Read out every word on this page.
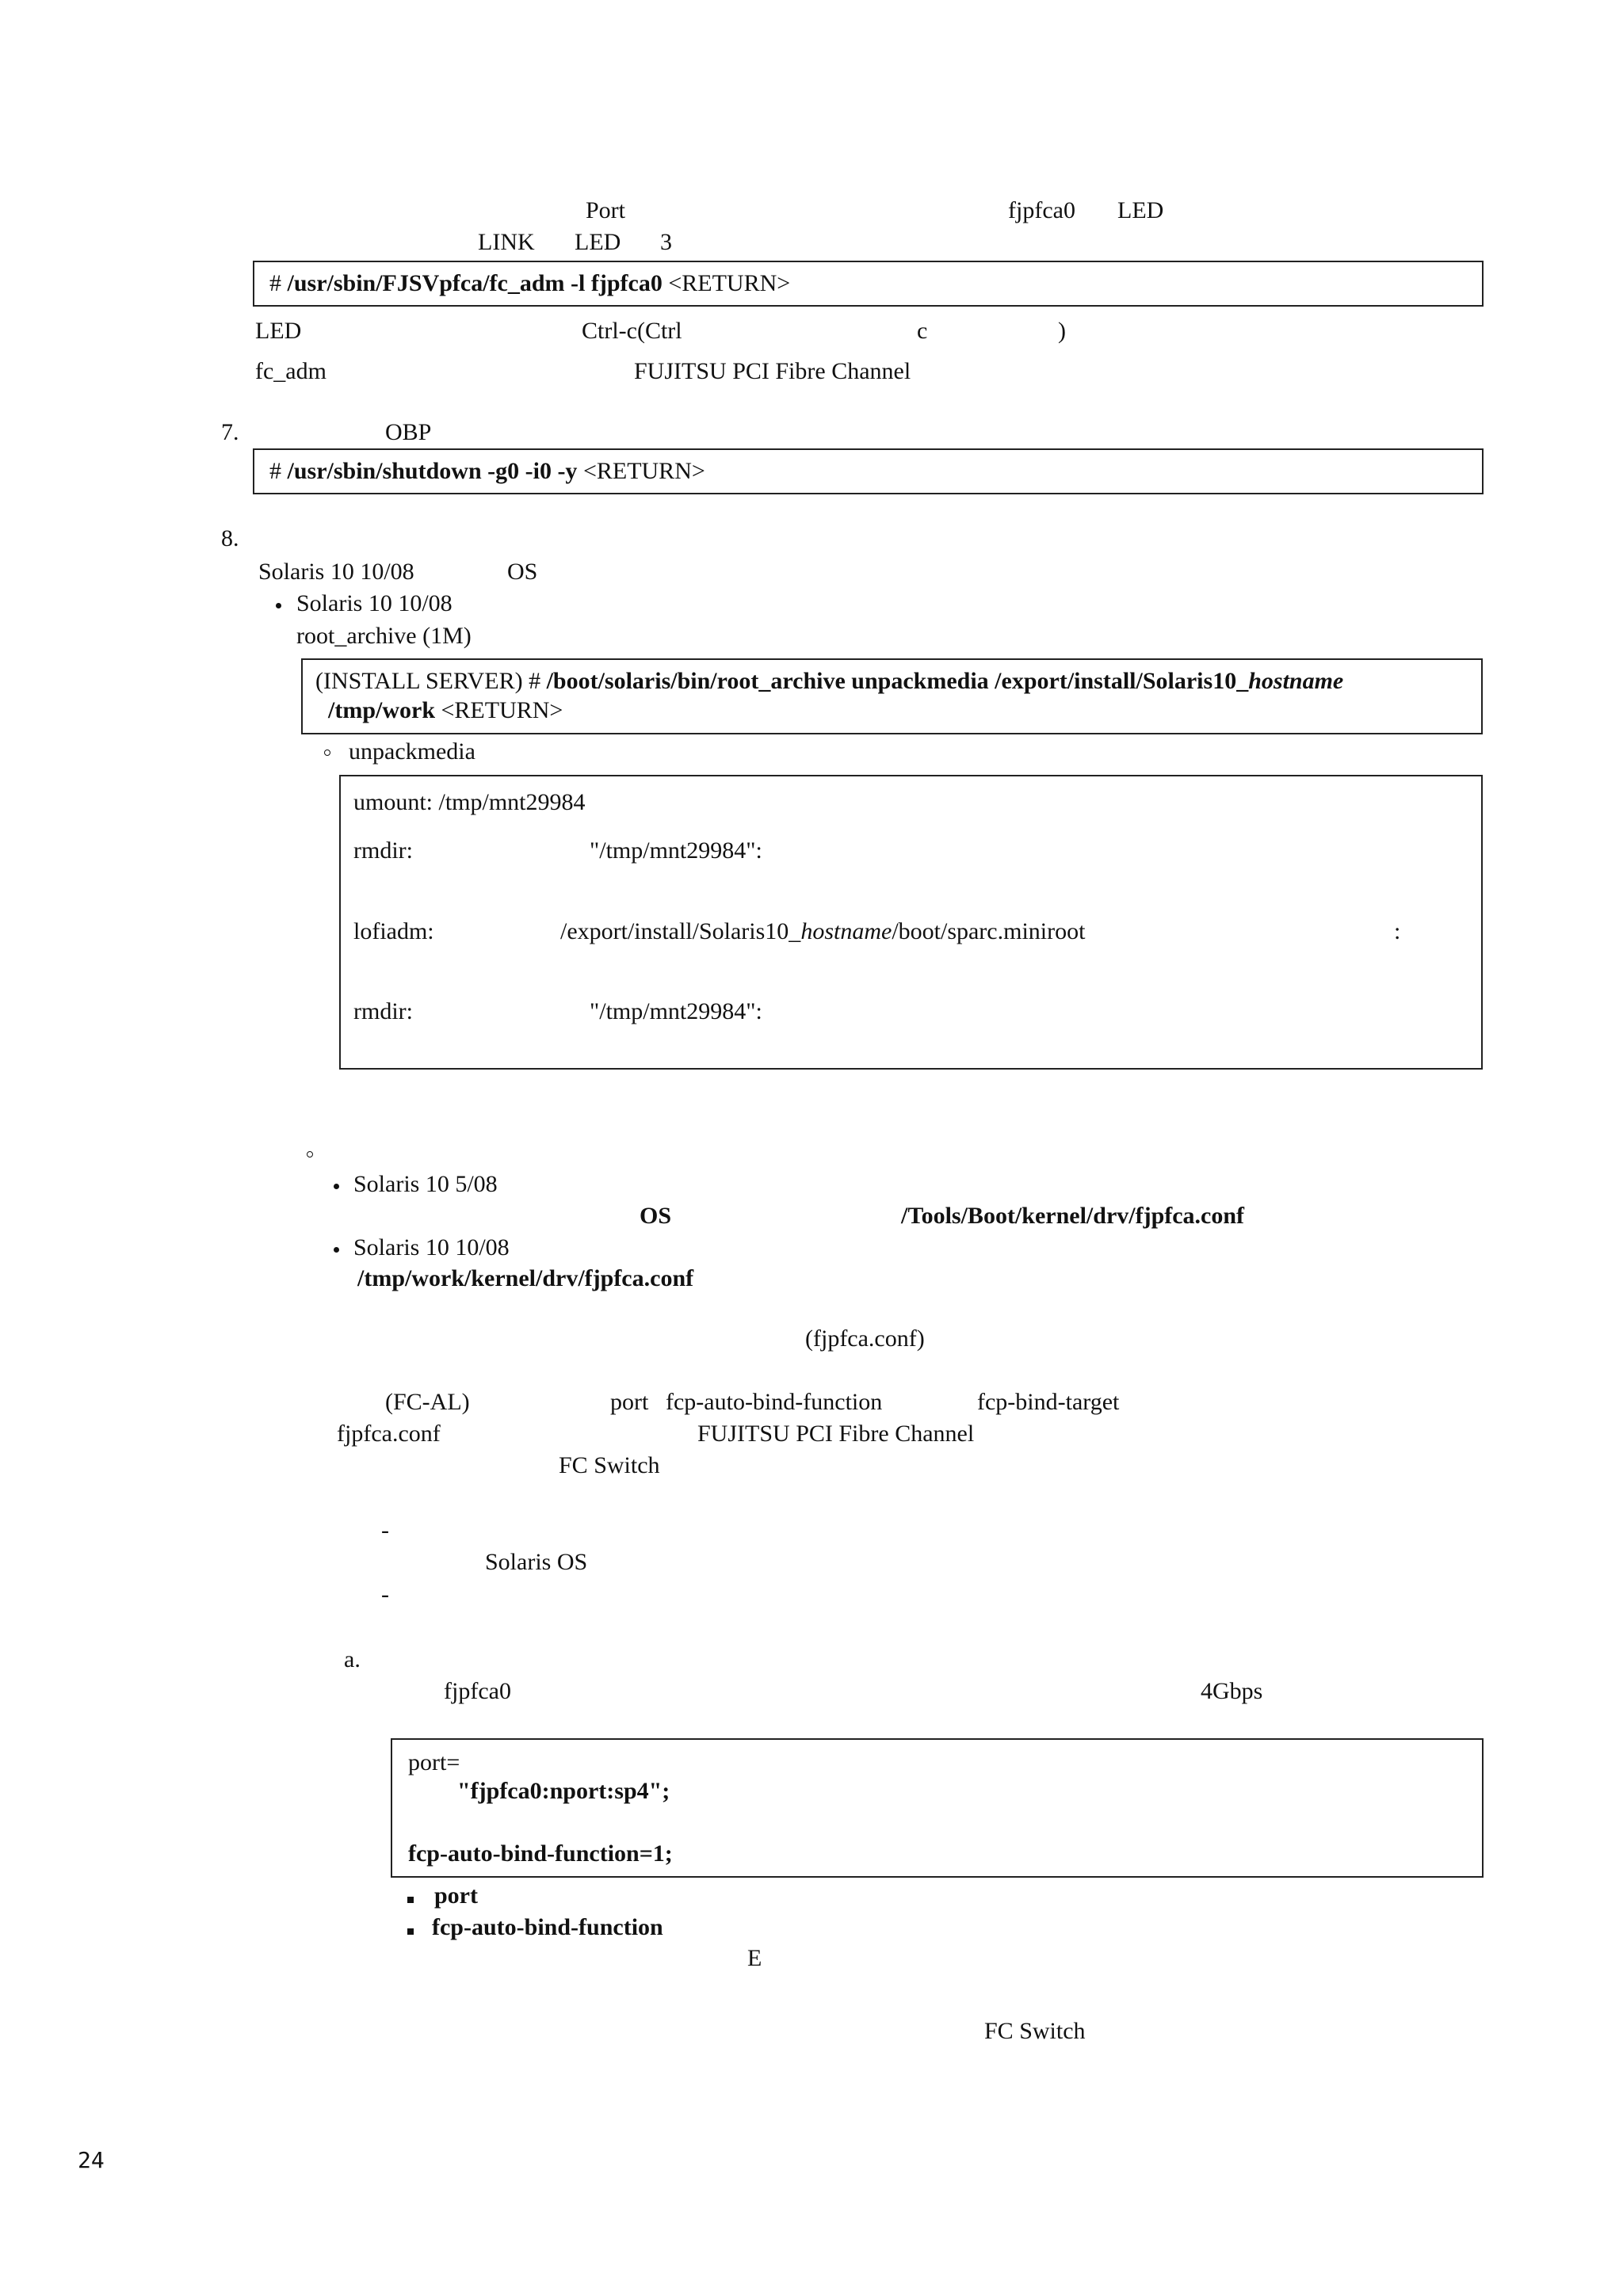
Port	fjpfca0 LED
LINK LED 3
# /usr/sbin/FJSVpfca/fc_adm -l fjpfca0 <RETURN>
LED	Ctrl-c(Ctrl	c	)
fc_adm	FUJITSU PCI Fibre Channel
7.	OBP
# /usr/sbin/shutdown -g0 -i0 -y <RETURN>
8.
Solaris 10 10/08	OS
Solaris 10 10/08
root_archive (1M)
(INSTALL SERVER) # /boot/solaris/bin/root_archive unpackmedia /export/install/Solaris10_hostname
/tmp/work <RETURN>
unpackmedia
umount: /tmp/mnt29984
rmdir:	"/tmp/mnt29984":
lofiadm:	/export/install/Solaris10_hostname/boot/sparc.miniroot	:
rmdir:	"/tmp/mnt29984":
Solaris 10 5/08
OS	/Tools/Boot/kernel/drv/fjpfca.conf
Solaris 10 10/08
/tmp/work/kernel/drv/fjpfca.conf
(fjpfca.conf)
(FC-AL)	port fcp-auto-bind-function	fcp-bind-target
fjpfca.conf	FUJITSU PCI Fibre Channel
FC Switch
-
Solaris OS
-
a.
fjpfca0	4Gbps
port=
"fjpfca0:nport:sp4";
fcp-auto-bind-function=1;
port
fcp-auto-bind-function
E
FC Switch
24
